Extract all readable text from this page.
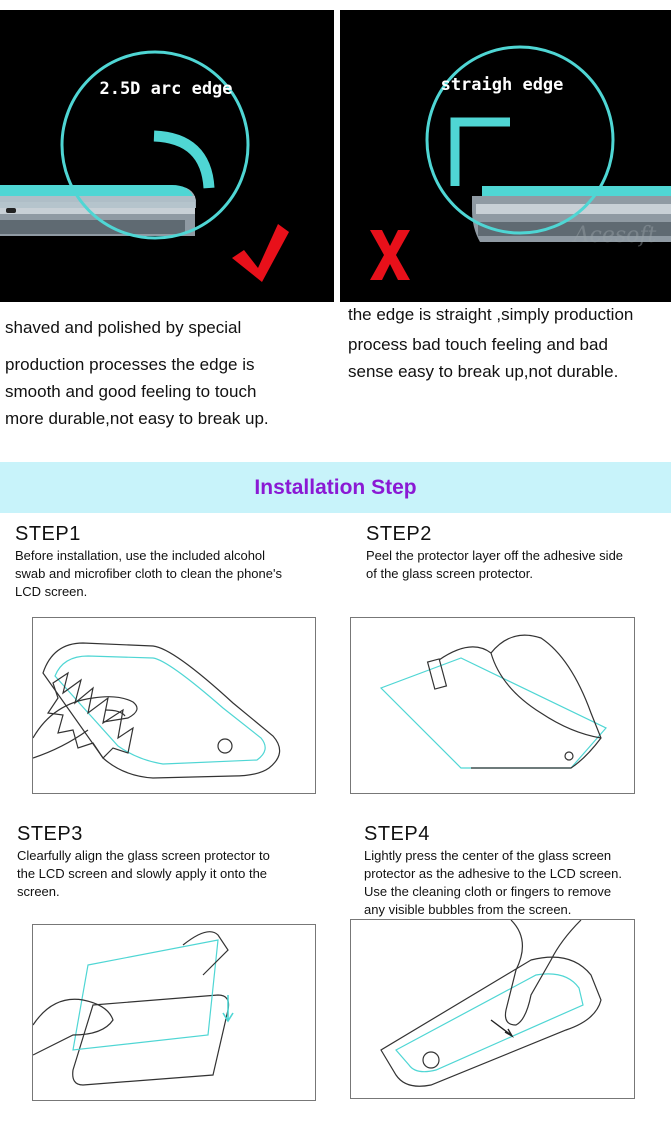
2.5D arc edge	straigh edge
Acesoft

shaved and polished by special

production processes the edge is

smooth and good feeling to touch

more durable,not easy to break up.

the edge is straight ,simply production

process bad touch feeling and bad

sense easy to break up,not durable.

Installation Step
STEP1
Before installation, use the included alcohol
swab and microfiber cloth to clean the phone's
LCD screen.
STEP2
Peel the protector layer off the adhesive side
of the glass screen protector.
STEP3
Clearfully align the glass screen protector to
the LCD screen and slowly apply it onto the
screen.
STEP4
Lightly press the center of the glass screen
protector as the adhesive to the LCD screen.
Use the cleaning cloth or fingers to remove
any visible bubbles from the screen.
